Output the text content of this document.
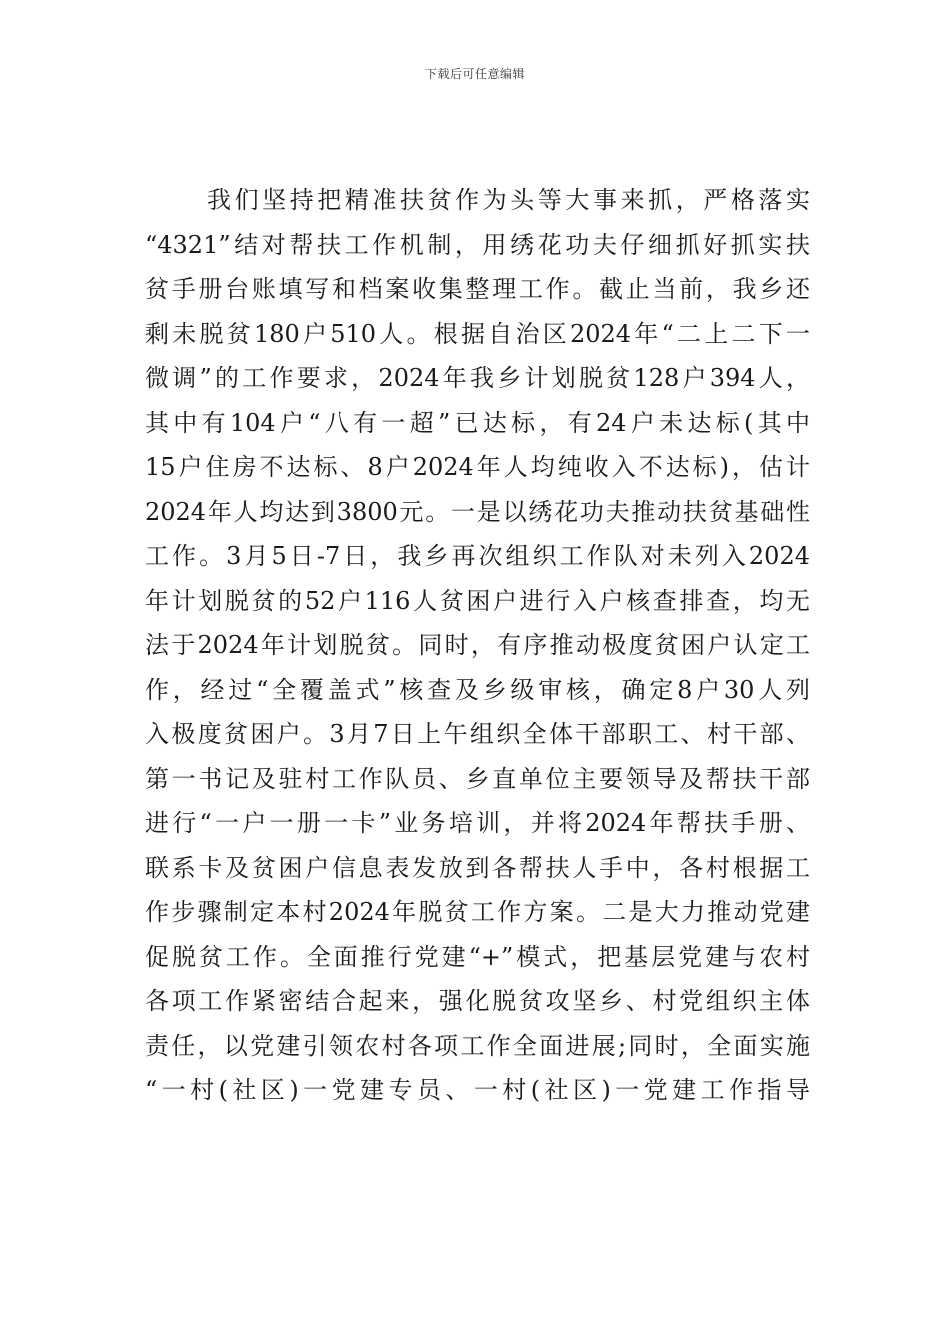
下载后可任意编辑
我们坚持把精准扶贫作为头等大事来抓，严格落实
“4321”结对帮扶工作机制，用绣花功夫仔细抓好抓实扶
贫手册台账填写和档案收集整理工作。截止当前，我乡还
剩未脱贫180户510人。根据自治区2024年“二上二下一
微调”的工作要求，2024年我乡计划脱贫128户394人，
其中有104户“八有一超”已达标，有24户未达标(其中
15户住房不达标、8户2024年人均纯收入不达标)，估计
2024年人均达到3800元。一是以绣花功夫推动扶贫基础性
工作。3月5日-7日，我乡再次组织工作队对未列入2024
年计划脱贫的52户116人贫困户进行入户核查排查，均无
法于2024年计划脱贫。同时，有序推动极度贫困户认定工
作，经过“全覆盖式”核查及乡级审核，确定8户30人列
入极度贫困户。3月7日上午组织全体干部职工、村干部、
第一书记及驻村工作队员、乡直单位主要领导及帮扶干部
进行“一户一册一卡”业务培训，并将2024年帮扶手册、
联系卡及贫困户信息表发放到各帮扶人手中，各村根据工
作步骤制定本村2024年脱贫工作方案。二是大力推动党建
促脱贫工作。全面推行党建“+”模式，把基层党建与农村
各项工作紧密结合起来，强化脱贫攻坚乡、村党组织主体
责任，以党建引领农村各项工作全面进展;同时，全面实施
“一村(社区)一党建专员、一村(社区)一党建工作指导
